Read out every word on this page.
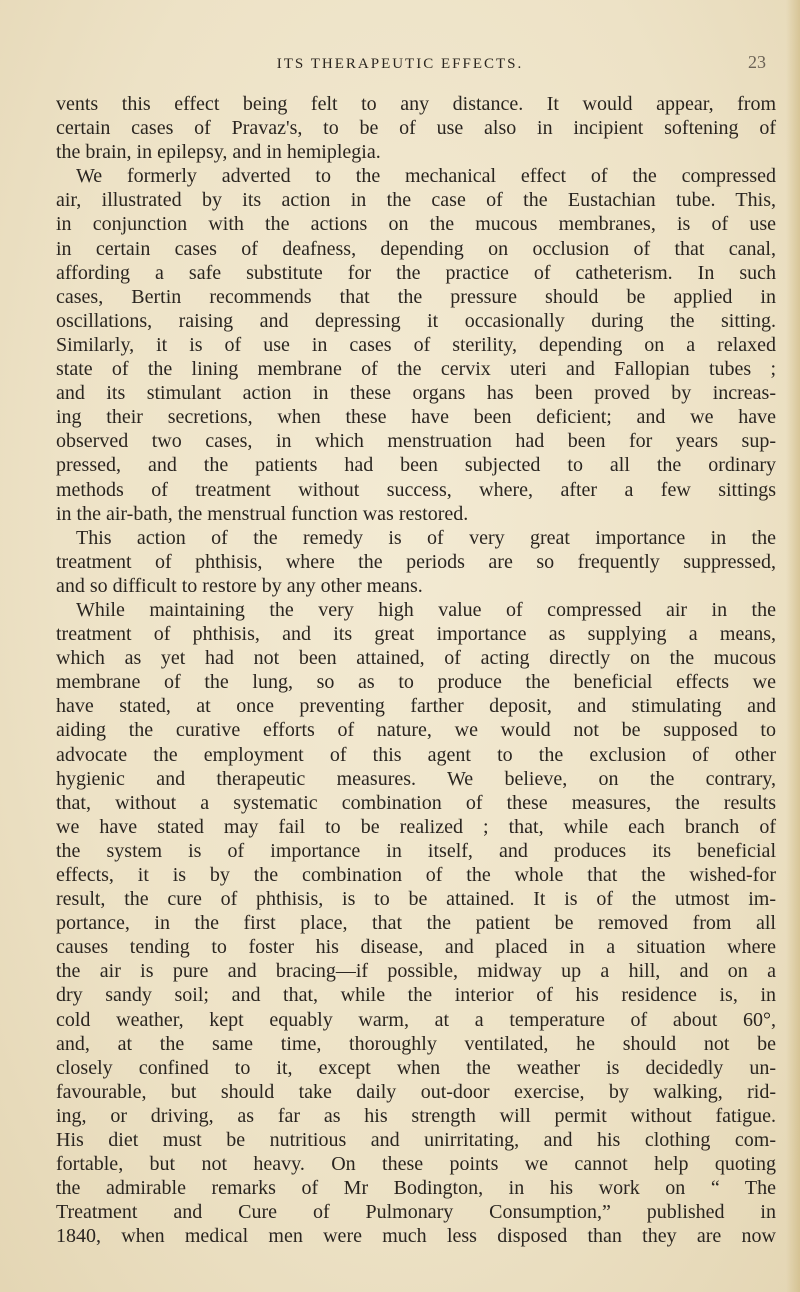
ITS THERAPEUTIC EFFECTS.	23
vents this effect being felt to any distance. It would appear, from
certain cases of Pravaz's, to be of use also in incipient softening of
the brain, in epilepsy, and in hemiplegia.
We formerly adverted to the mechanical effect of the compressed
air, illustrated by its action in the case of the Eustachian tube. This,
in conjunction with the actions on the mucous membranes, is of use
in certain cases of deafness, depending on occlusion of that canal,
affording a safe substitute for the practice of catheterism. In such
cases, Bertin recommends that the pressure should be applied in
oscillations, raising and depressing it occasionally during the sitting.
Similarly, it is of use in cases of sterility, depending on a relaxed
state of the lining membrane of the cervix uteri and Fallopian tubes ;
and its stimulant action in these organs has been proved by increas-
ing their secretions, when these have been deficient; and we have
observed two cases, in which menstruation had been for years sup-
pressed, and the patients had been subjected to all the ordinary
methods of treatment without success, where, after a few sittings
in the air-bath, the menstrual function was restored.
This action of the remedy is of very great importance in the
treatment of phthisis, where the periods are so frequently suppressed,
and so difficult to restore by any other means.
While maintaining the very high value of compressed air in the
treatment of phthisis, and its great importance as supplying a means,
which as yet had not been attained, of acting directly on the mucous
membrane of the lung, so as to produce the beneficial effects we
have stated, at once preventing farther deposit, and stimulating and
aiding the curative efforts of nature, we would not be supposed to
advocate the employment of this agent to the exclusion of other
hygienic and therapeutic measures. We believe, on the contrary,
that, without a systematic combination of these measures, the results
we have stated may fail to be realized ; that, while each branch of
the system is of importance in itself, and produces its beneficial
effects, it is by the combination of the whole that the wished-for
result, the cure of phthisis, is to be attained. It is of the utmost im-
portance, in the first place, that the patient be removed from all
causes tending to foster his disease, and placed in a situation where
the air is pure and bracing—if possible, midway up a hill, and on a
dry sandy soil; and that, while the interior of his residence is, in
cold weather, kept equably warm, at a temperature of about 60°,
and, at the same time, thoroughly ventilated, he should not be
closely confined to it, except when the weather is decidedly un-
favourable, but should take daily out-door exercise, by walking, rid-
ing, or driving, as far as his strength will permit without fatigue.
His diet must be nutritious and unirritating, and his clothing com-
fortable, but not heavy. On these points we cannot help quoting
the admirable remarks of Mr Bodington, in his work on “ The
Treatment and Cure of Pulmonary Consumption,” published in
1840, when medical men were much less disposed than they are now
